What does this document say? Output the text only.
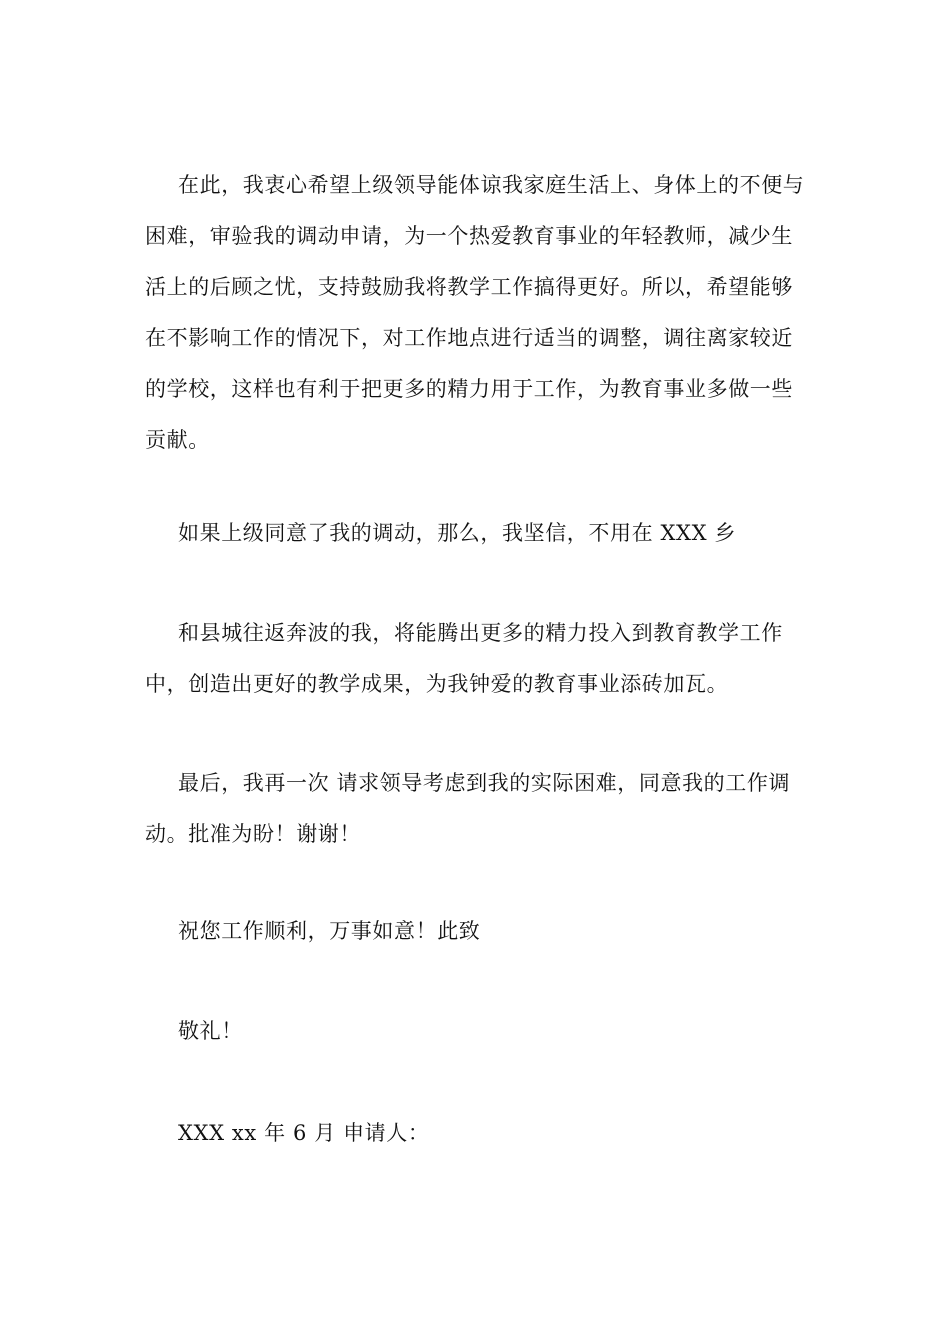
在此，我衷心希望上级领导能体谅我家庭生活上、身体上的不便与困难，审验我的调动申请，为一个热爱教育事业的年轻教师，减少生活上的后顾之忧，支持鼓励我将教学工作搞得更好。所以，希望能够在不影响工作的情况下，对工作地点进行适当的调整，调往离家较近的学校，这样也有利于把更多的精力用于工作，为教育事业多做一些贡献。

如果上级同意了我的调动，那么，我坚信，不用在 XXX 乡

和县城往返奔波的我，将能腾出更多的精力投入到教育教学工作中，创造出更好的教学成果，为我钟爱的教育事业添砖加瓦。

最后，我再一次 请求领导考虑到我的实际困难，同意我的工作调动。批准为盼！谢谢！

祝您工作顺利，万事如意！此致

敬礼！

XXX xx 年 6 月 申请人：
